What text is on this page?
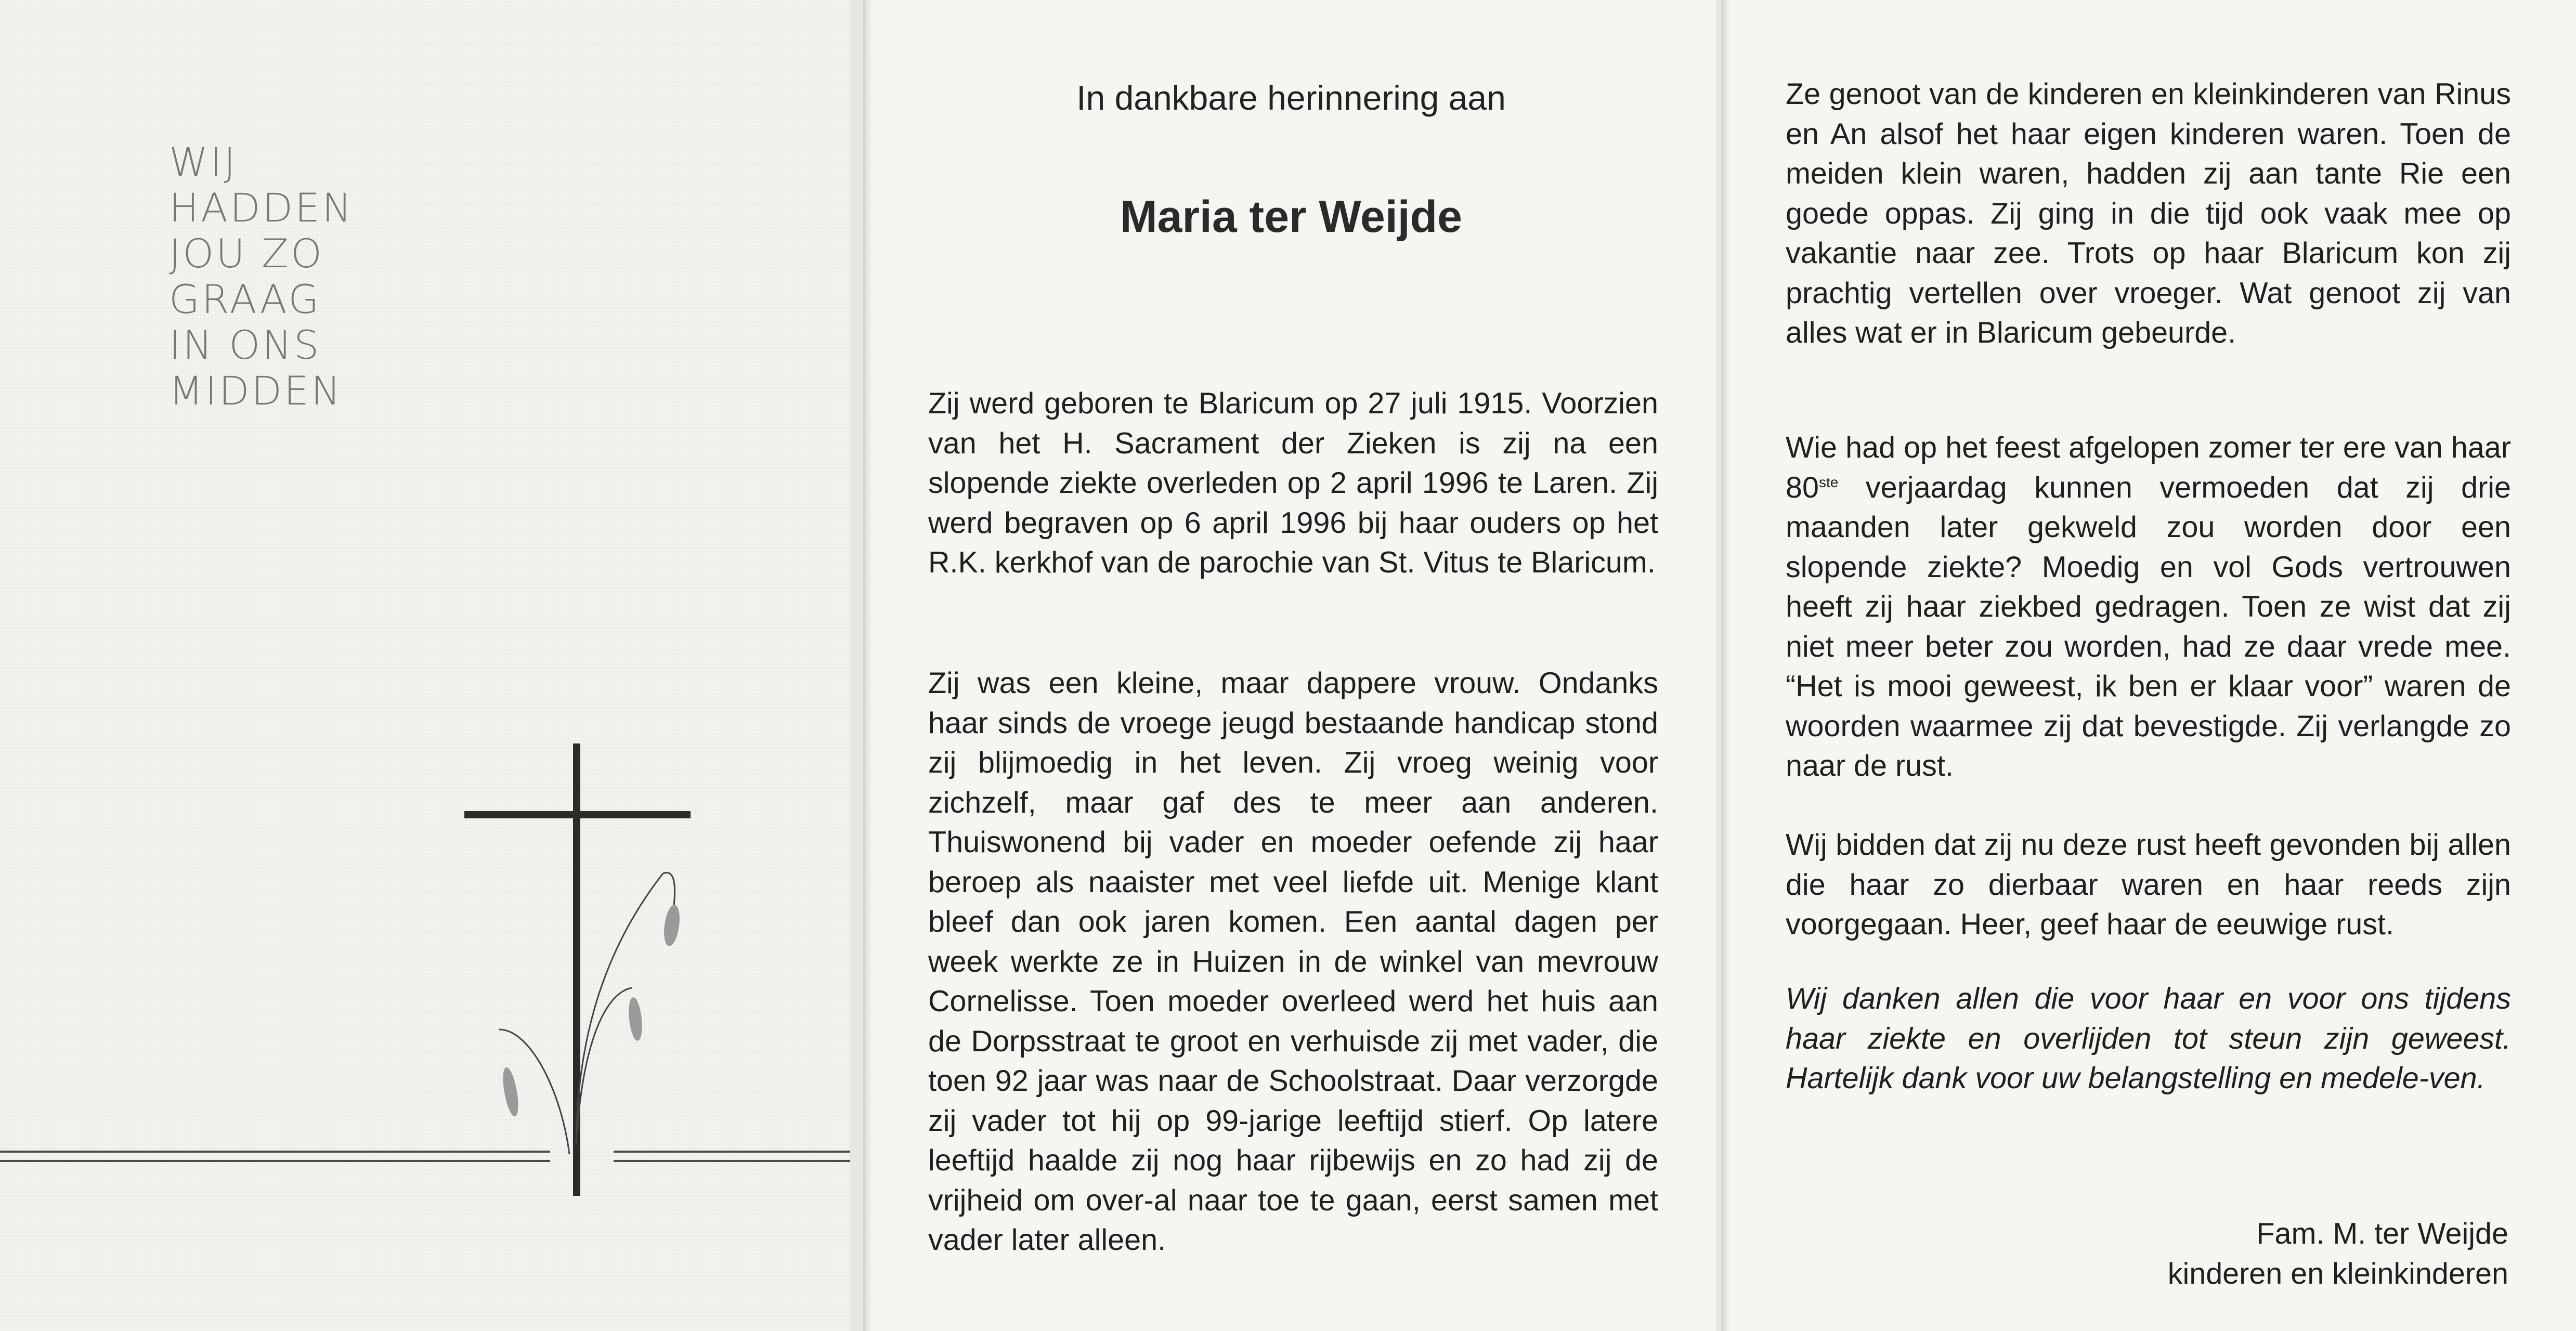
WIJ
HADDEN
JOU ZO
GRAAG
IN ONS
MIDDEN
In dankbare herinnering aan
Maria ter Weijde

Zij werd geboren te Blaricum op 27 juli 1915. Voorzien van het H. Sacrament der Zieken is zij na een slopende ziekte overleden op 2 april 1996 te Laren. Zij werd begraven op 6 april 1996 bij haar ouders op het R.K. kerkhof van de parochie van St. Vitus te Blaricum.

Zij was een kleine, maar dappere vrouw. Ondanks haar sinds de vroege jeugd bestaande handicap stond zij blijmoedig in het leven. Zij vroeg weinig voor zichzelf, maar gaf des te meer aan anderen. Thuiswonend bij vader en moeder oefende zij haar beroep als naaister met veel liefde uit. Menige klant bleef dan ook jaren komen. Een aantal dagen per week werkte ze in Huizen in de winkel van mevrouw Cornelisse. Toen moeder overleed werd het huis aan de Dorpsstraat te groot en verhuisde zij met vader, die toen 92 jaar was naar de Schoolstraat. Daar verzorgde zij vader tot hij op 99-jarige leeftijd stierf. Op latere leeftijd haalde zij nog haar rijbewijs en zo had zij de vrijheid om over-al naar toe te gaan, eerst samen met vader later alleen.

Ze genoot van de kinderen en kleinkinderen van Rinus en An alsof het haar eigen kinderen waren. Toen de meiden klein waren, hadden zij aan tante Rie een goede oppas. Zij ging in die tijd ook vaak mee op vakantie naar zee. Trots op haar Blaricum kon zij prachtig vertellen over vroeger. Wat genoot zij van alles wat er in Blaricum gebeurde.

Wie had op het feest afgelopen zomer ter ere van haar 80ste verjaardag kunnen vermoeden dat zij drie maanden later gekweld zou worden door een slopende ziekte? Moedig en vol Gods vertrouwen heeft zij haar ziekbed gedragen. Toen ze wist dat zij niet meer beter zou worden, had ze daar vrede mee. “Het is mooi geweest, ik ben er klaar voor” waren de woorden waarmee zij dat bevestigde. Zij verlangde zo naar de rust.

Wij bidden dat zij nu deze rust heeft gevonden bij allen die haar zo dierbaar waren en haar reeds zijn voorgegaan. Heer, geef haar de eeuwige rust.

Wij danken allen die voor haar en voor ons tijdens haar ziekte en overlijden tot steun zijn geweest. Hartelijk dank voor uw belangstelling en medele-ven.

Fam. M. ter Weijde
kinderen en kleinkinderen
